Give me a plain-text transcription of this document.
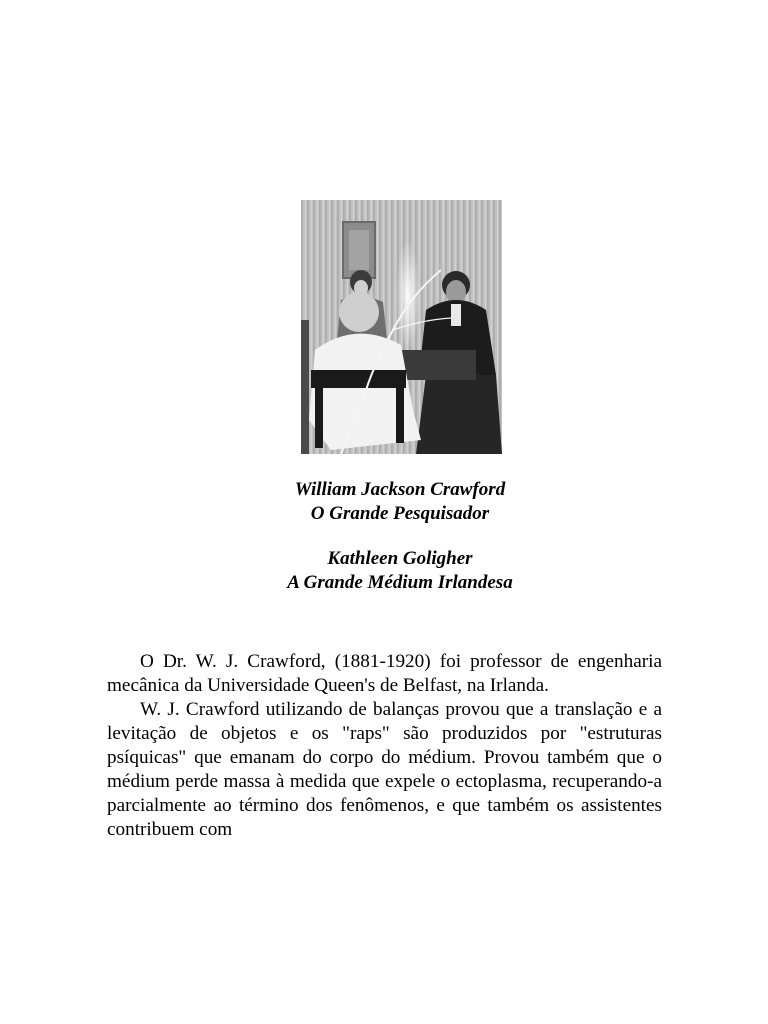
William Jackson Crawford
O Grande Pesquisador
Kathleen Goligher
A Grande Médium Irlandesa

O Dr. W. J. Crawford, (1881-1920) foi professor de engenharia mecânica da Universidade Queen's de Belfast, na Irlanda.

W. J. Crawford utilizando de balanças provou que a translação e a levitação de objetos e os "raps" são produzidos por "estruturas psíquicas" que emanam do corpo do médium. Provou também que o médium perde massa à medida que expele o ectoplasma, recuperando-a parcialmente ao término dos fenômenos, e que também os assistentes contribuem com
